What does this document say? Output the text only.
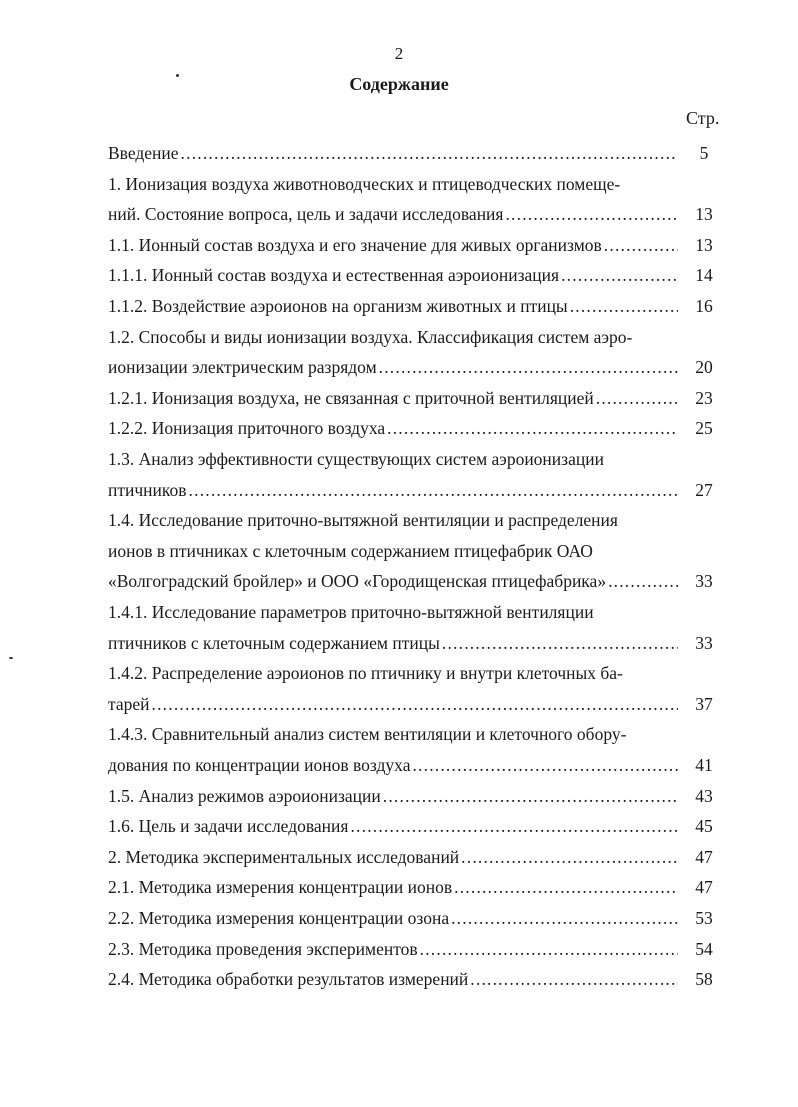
2
Содержание
Стр.
Введение .....	5
1. Ионизация воздуха животноводческих и птицеводческих помеще-
ний. Состояние вопроса, цель и задачи исследования .....	13
1.1. Ионный состав воздуха и его значение для живых организмов .....	13
1.1.1. Ионный состав воздуха и естественная аэроионизация .....	14
1.1.2. Воздействие аэроионов на организм животных и птицы .....	16
1.2. Способы и виды ионизации воздуха. Классификация систем аэро-
ионизации электрическим разрядом .....	20
1.2.1. Ионизация воздуха, не связанная с приточной вентиляцией .....	23
1.2.2. Ионизация приточного воздуха .....	25
1.3. Анализ эффективности существующих систем аэроионизации
птичников .....	27
1.4. Исследование приточно-вытяжной вентиляции и распределения
ионов в птичниках с клеточным содержанием птицефабрик ОАО
«Волгоградский бройлер» и ООО «Городищенская птицефабрика» .....	33
1.4.1. Исследование параметров приточно-вытяжной вентиляции
птичников с клеточным содержанием птицы .....	33
1.4.2. Распределение аэроионов по птичнику и внутри клеточных ба-
тарей .....	37
1.4.3. Сравнительный анализ систем вентиляции и клеточного обору-
дования по концентрации ионов воздуха .....	41
1.5. Анализ режимов аэроионизации .....	43
1.6. Цель и задачи исследования .....	45
2. Методика экспериментальных исследований .....	47
2.1. Методика измерения концентрации ионов .....	47
2.2. Методика измерения концентрации озона .....	53
2.3. Методика проведения экспериментов .....	54
2.4. Методика обработки результатов измерений .....	58
